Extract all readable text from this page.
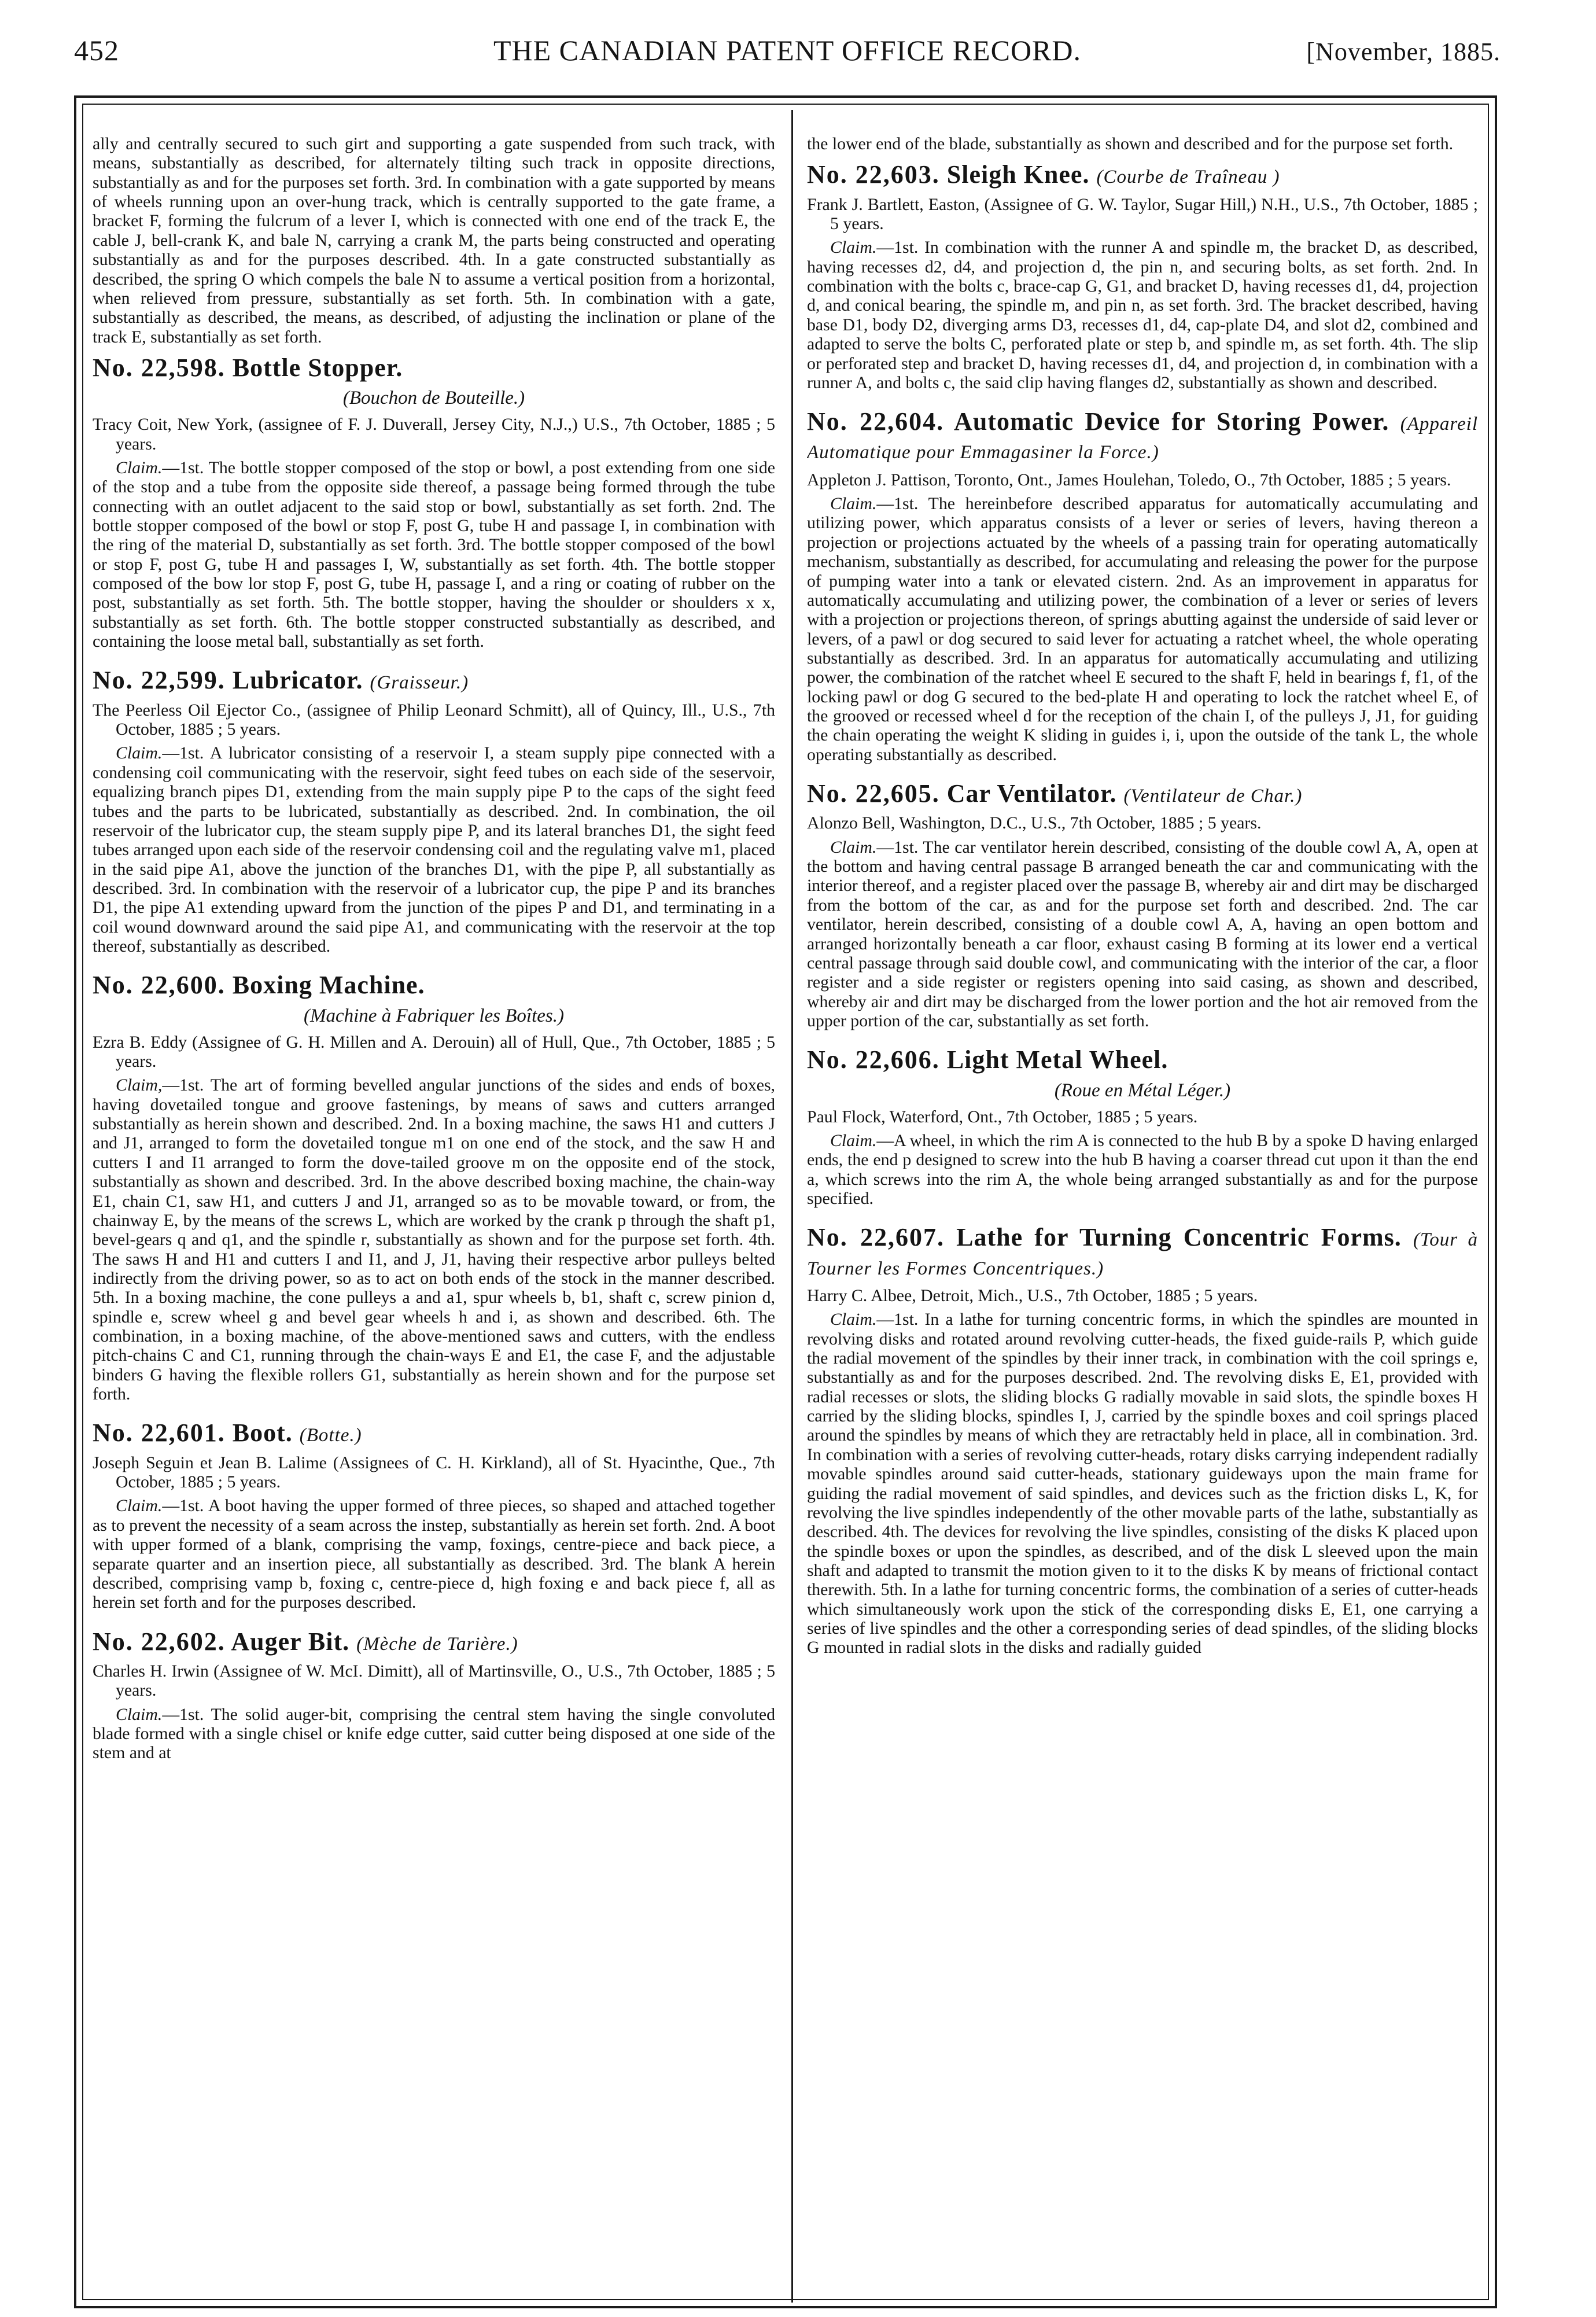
452	THE CANADIAN PATENT OFFICE RECORD.	[November, 1885.

ally and centrally secured to such girt and supporting a gate suspended from such track, with means, substantially as described, for alternately tilting such track in opposite directions, substantially as and for the purposes set forth. 3rd. In combination with a gate supported by means of wheels running upon an over-hung track, which is centrally supported to the gate frame, a bracket F, forming the fulcrum of a lever I, which is connected with one end of the track E, the cable J, bell-crank K, and bale N, carrying a crank M, the parts being constructed and operating substantially as and for the purposes described. 4th. In a gate constructed substantially as described, the spring O which compels the bale N to assume a vertical position from a horizontal, when relieved from pressure, substantially as set forth. 5th. In combination with a gate, substantially as described, the means, as described, of adjusting the inclination or plane of the track E, substantially as set forth.

No. 22,598. Bottle Stopper.
(Bouchon de Bouteille.)

Tracy Coit, New York, (assignee of F. J. Duverall, Jersey City, N.J.,) U.S., 7th October, 1885 ; 5 years.

Claim.—1st. The bottle stopper composed of the stop or bowl, a post extending from one side of the stop and a tube from the opposite side thereof, a passage being formed through the tube connecting with an outlet adjacent to the said stop or bowl, substantially as set forth. 2nd. The bottle stopper composed of the bowl or stop F, post G, tube H and passage I, in combination with the ring of the material D, substantially as set forth. 3rd. The bottle stopper composed of the bowl or stop F, post G, tube H and passages I, W, substantially as set forth. 4th. The bottle stopper composed of the bow lor stop F, post G, tube H, passage I, and a ring or coating of rubber on the post, substantially as set forth. 5th. The bottle stopper, having the shoulder or shoulders x x, substantially as set forth. 6th. The bottle stopper constructed substantially as described, and containing the loose metal ball, substantially as set forth.

No. 22,599. Lubricator. (Graisseur.)

The Peerless Oil Ejector Co., (assignee of Philip Leonard Schmitt), all of Quincy, Ill., U.S., 7th October, 1885 ; 5 years.

Claim.—1st. A lubricator consisting of a reservoir I, a steam supply pipe connected with a condensing coil communicating with the reservoir, sight feed tubes on each side of the seservoir, equalizing branch pipes D1, extending from the main supply pipe P to the caps of the sight feed tubes and the parts to be lubricated, substantially as described. 2nd. In combination, the oil reservoir of the lubricator cup, the steam supply pipe P, and its lateral branches D1, the sight feed tubes arranged upon each side of the reservoir condensing coil and the regulating valve m1, placed in the said pipe A1, above the junction of the branches D1, with the pipe P, all substantially as described. 3rd. In combination with the reservoir of a lubricator cup, the pipe P and its branches D1, the pipe A1 extending upward from the junction of the pipes P and D1, and terminating in a coil wound downward around the said pipe A1, and communicating with the reservoir at the top thereof, substantially as described.

No. 22,600. Boxing Machine.
(Machine à Fabriquer les Boîtes.)

Ezra B. Eddy (Assignee of G. H. Millen and A. Derouin) all of Hull, Que., 7th October, 1885 ; 5 years.

Claim,—1st. The art of forming bevelled angular junctions of the sides and ends of boxes, having dovetailed tongue and groove fastenings, by means of saws and cutters arranged substantially as herein shown and described. 2nd. In a boxing machine, the saws H1 and cutters J and J1, arranged to form the dovetailed tongue m1 on one end of the stock, and the saw H and cutters I and I1 arranged to form the dove-tailed groove m on the opposite end of the stock, substantially as shown and described. 3rd. In the above described boxing machine, the chain-way E1, chain C1, saw H1, and cutters J and J1, arranged so as to be movable toward, or from, the chainway E, by the means of the screws L, which are worked by the crank p through the shaft p1, bevel-gears q and q1, and the spindle r, substantially as shown and for the purpose set forth. 4th. The saws H and H1 and cutters I and I1, and J, J1, having their respective arbor pulleys belted indirectly from the driving power, so as to act on both ends of the stock in the manner described. 5th. In a boxing machine, the cone pulleys a and a1, spur wheels b, b1, shaft c, screw pinion d, spindle e, screw wheel g and bevel gear wheels h and i, as shown and described. 6th. The combination, in a boxing machine, of the above-mentioned saws and cutters, with the endless pitch-chains C and C1, running through the chain-ways E and E1, the case F, and the adjustable binders G having the flexible rollers G1, substantially as herein shown and for the purpose set forth.

No. 22,601. Boot. (Botte.)

Joseph Seguin et Jean B. Lalime (Assignees of C. H. Kirkland), all of St. Hyacinthe, Que., 7th October, 1885 ; 5 years.

Claim.—1st. A boot having the upper formed of three pieces, so shaped and attached together as to prevent the necessity of a seam across the instep, substantially as herein set forth. 2nd. A boot with upper formed of a blank, comprising the vamp, foxings, centre-piece and back piece, a separate quarter and an insertion piece, all substantially as described. 3rd. The blank A herein described, comprising vamp b, foxing c, centre-piece d, high foxing e and back piece f, all as herein set forth and for the purposes described.

No. 22,602. Auger Bit. (Mèche de Tarière.)

Charles H. Irwin (Assignee of W. McI. Dimitt), all of Martinsville, O., U.S., 7th October, 1885 ; 5 years.

Claim.—1st. The solid auger-bit, comprising the central stem having the single convoluted blade formed with a single chisel or knife edge cutter, said cutter being disposed at one side of the stem and at

the lower end of the blade, substantially as shown and described and for the purpose set forth.

No. 22,603. Sleigh Knee. (Courbe de Traîneau )

Frank J. Bartlett, Easton, (Assignee of G. W. Taylor, Sugar Hill,) N.H., U.S., 7th October, 1885 ; 5 years.

Claim.—1st. In combination with the runner A and spindle m, the bracket D, as described, having recesses d2, d4, and projection d, the pin n, and securing bolts, as set forth. 2nd. In combination with the bolts c, brace-cap G, G1, and bracket D, having recesses d1, d4, projection d, and conical bearing, the spindle m, and pin n, as set forth. 3rd. The bracket described, having base D1, body D2, diverging arms D3, recesses d1, d4, cap-plate D4, and slot d2, combined and adapted to serve the bolts C, perforated plate or step b, and spindle m, as set forth. 4th. The slip or perforated step and bracket D, having recesses d1, d4, and projection d, in combination with a runner A, and bolts c, the said clip having flanges d2, substantially as shown and described.

No. 22,604. Automatic Device for Storing Power. (Appareil Automatique pour Emmagasiner la Force.)

Appleton J. Pattison, Toronto, Ont., James Houlehan, Toledo, O., 7th October, 1885 ; 5 years.

Claim.—1st. The hereinbefore described apparatus for automatically accumulating and utilizing power, which apparatus consists of a lever or series of levers, having thereon a projection or projections actuated by the wheels of a passing train for operating automatically mechanism, substantially as described, for accumulating and releasing the power for the purpose of pumping water into a tank or elevated cistern. 2nd. As an improvement in apparatus for automatically accumulating and utilizing power, the combination of a lever or series of levers with a projection or projections thereon, of springs abutting against the underside of said lever or levers, of a pawl or dog secured to said lever for actuating a ratchet wheel, the whole operating substantially as described. 3rd. In an apparatus for automatically accumulating and utilizing power, the combination of the ratchet wheel E secured to the shaft F, held in bearings f, f1, of the locking pawl or dog G secured to the bed-plate H and operating to lock the ratchet wheel E, of the grooved or recessed wheel d for the reception of the chain I, of the pulleys J, J1, for guiding the chain operating the weight K sliding in guides i, i, upon the outside of the tank L, the whole operating substantially as described.

No. 22,605. Car Ventilator. (Ventilateur de Char.)

Alonzo Bell, Washington, D.C., U.S., 7th October, 1885 ; 5 years.

Claim.—1st. The car ventilator herein described, consisting of the double cowl A, A, open at the bottom and having central passage B arranged beneath the car and communicating with the interior thereof, and a register placed over the passage B, whereby air and dirt may be discharged from the bottom of the car, as and for the purpose set forth and described. 2nd. The car ventilator, herein described, consisting of a double cowl A, A, having an open bottom and arranged horizontally beneath a car floor, exhaust casing B forming at its lower end a vertical central passage through said double cowl, and communicating with the interior of the car, a floor register and a side register or registers opening into said casing, as shown and described, whereby air and dirt may be discharged from the lower portion and the hot air removed from the upper portion of the car, substantially as set forth.

No. 22,606. Light Metal Wheel.
(Roue en Métal Léger.)

Paul Flock, Waterford, Ont., 7th October, 1885 ; 5 years.

Claim.—A wheel, in which the rim A is connected to the hub B by a spoke D having enlarged ends, the end p designed to screw into the hub B having a coarser thread cut upon it than the end a, which screws into the rim A, the whole being arranged substantially as and for the purpose specified.

No. 22,607. Lathe for Turning Concentric Forms. (Tour à Tourner les Formes Concentriques.)

Harry C. Albee, Detroit, Mich., U.S., 7th October, 1885 ; 5 years.

Claim.—1st. In a lathe for turning concentric forms, in which the spindles are mounted in revolving disks and rotated around revolving cutter-heads, the fixed guide-rails P, which guide the radial movement of the spindles by their inner track, in combination with the coil springs e, substantially as and for the purposes described. 2nd. The revolving disks E, E1, provided with radial recesses or slots, the sliding blocks G radially movable in said slots, the spindle boxes H carried by the sliding blocks, spindles I, J, carried by the spindle boxes and coil springs placed around the spindles by means of which they are retractably held in place, all in combination. 3rd. In combination with a series of revolving cutter-heads, rotary disks carrying independent radially movable spindles around said cutter-heads, stationary guideways upon the main frame for guiding the radial movement of said spindles, and devices such as the friction disks L, K, for revolving the live spindles independently of the other movable parts of the lathe, substantially as described. 4th. The devices for revolving the live spindles, consisting of the disks K placed upon the spindle boxes or upon the spindles, as described, and of the disk L sleeved upon the main shaft and adapted to transmit the motion given to it to the disks K by means of frictional contact therewith. 5th. In a lathe for turning concentric forms, the combination of a series of cutter-heads which simultaneously work upon the stick of the corresponding disks E, E1, one carrying a series of live spindles and the other a corresponding series of dead spindles, of the sliding blocks G mounted in radial slots in the disks and radially guided
